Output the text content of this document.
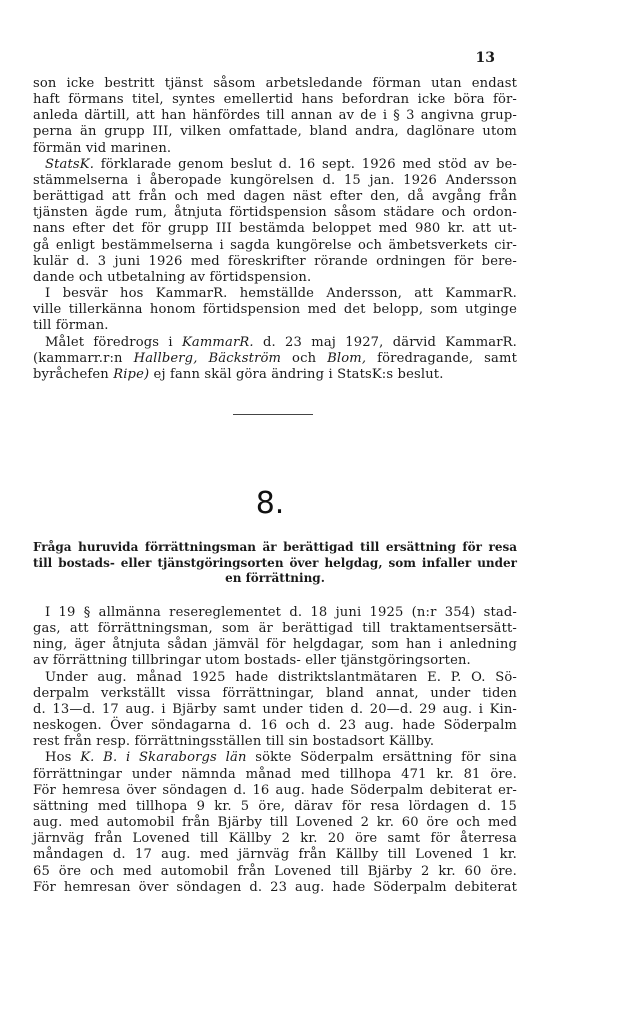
13
son icke bestritt tjänst såsom arbetsledande förman utan endast
haft förmans titel, syntes emellertid hans befordran icke böra för-
anleda därtill, att han hänfördes till annan av de i § 3 angivna grup-
perna än grupp III, vilken omfattade, bland andra, daglönare utom
förmän vid marinen.
StatsK. förklarade genom beslut d. 16 sept. 1926 med stöd av be-
stämmelserna i åberopade kungörelsen d. 15 jan. 1926 Andersson
berättigad att från och med dagen näst efter den, då avgång från
tjänsten ägde rum, åtnjuta förtidspension såsom städare och ordon-
nans efter det för grupp III bestämda beloppet med 980 kr. att ut-
gå enligt bestämmelserna i sagda kungörelse och ämbetsverkets cir-
kulär d. 3 juni 1926 med föreskrifter rörande ordningen för bere-
dande och utbetalning av förtidspension.
I besvär hos KammarR. hemställde Andersson, att KammarR.
ville tillerkänna honom förtidspension med det belopp, som utginge
till förman.
Målet föredrogs i KammarR. d. 23 maj 1927, därvid KammarR.
(kammarr.r:n Hallberg, Bäckström och Blom, föredragande, samt
byråchefen Ripe) ej fann skäl göra ändring i StatsK:s beslut.
8.
Fråga huruvida förrättningsman är berättigad till ersättning för resa
till bostads- eller tjänstgöringsorten över helgdag, som infaller under
en förrättning.
I 19 § allmänna resereglementet d. 18 juni 1925 (n:r 354) stad-
gas, att förrättningsman, som är berättigad till traktamentsersätt-
ning, äger åtnjuta sådan jämväl för helgdagar, som han i anledning
av förrättning tillbringar utom bostads- eller tjänstgöringsorten.
Under aug. månad 1925 hade distriktslantmätaren E. P. O. Sö-
derpalm verkställt vissa förrättningar, bland annat, under tiden
d. 13—d. 17 aug. i Bjärby samt under tiden d. 20—d. 29 aug. i Kin-
neskogen. Över söndagarna d. 16 och d. 23 aug. hade Söderpalm
rest från resp. förrättningsställen till sin bostadsort Källby.
Hos K. B. i Skaraborgs län sökte Söderpalm ersättning för sina
förrättningar under nämnda månad med tillhopa 471 kr. 81 öre.
För hemresa över söndagen d. 16 aug. hade Söderpalm debiterat er-
sättning med tillhopa 9 kr. 5 öre, därav för resa lördagen d. 15
aug. med automobil från Bjärby till Lovened 2 kr. 60 öre och med
järnväg från Lovened till Källby 2 kr. 20 öre samt för återresa
måndagen d. 17 aug. med järnväg från Källby till Lovened 1 kr.
65 öre och med automobil från Lovened till Bjärby 2 kr. 60 öre.
För hemresan över söndagen d. 23 aug. hade Söderpalm debiterat
